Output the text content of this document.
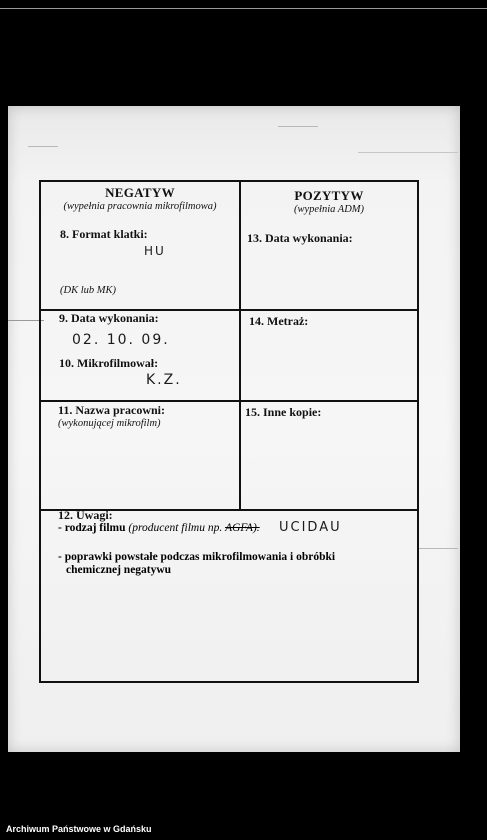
NEGATYW
(wypełnia pracownia mikrofilmowa)
8. Format klatki:
HU
(DK lub MK)
POZYTYW
(wypełnia ADM)
13. Data wykonania:
9. Data wykonania:
02. 10. 09.
10. Mikrofilmował:
K.Z.
14. Metraż:
11. Nazwa pracowni:
(wykonującej mikrofilm)
15. Inne kopie:
12. Uwagi:
- rodzaj filmu (producent filmu np. AGFA). UCIDAU
- poprawki powstałe podczas mikrofilmowania i obróbki
chemicznej negatywu
Archiwum Państwowe w Gdańsku
